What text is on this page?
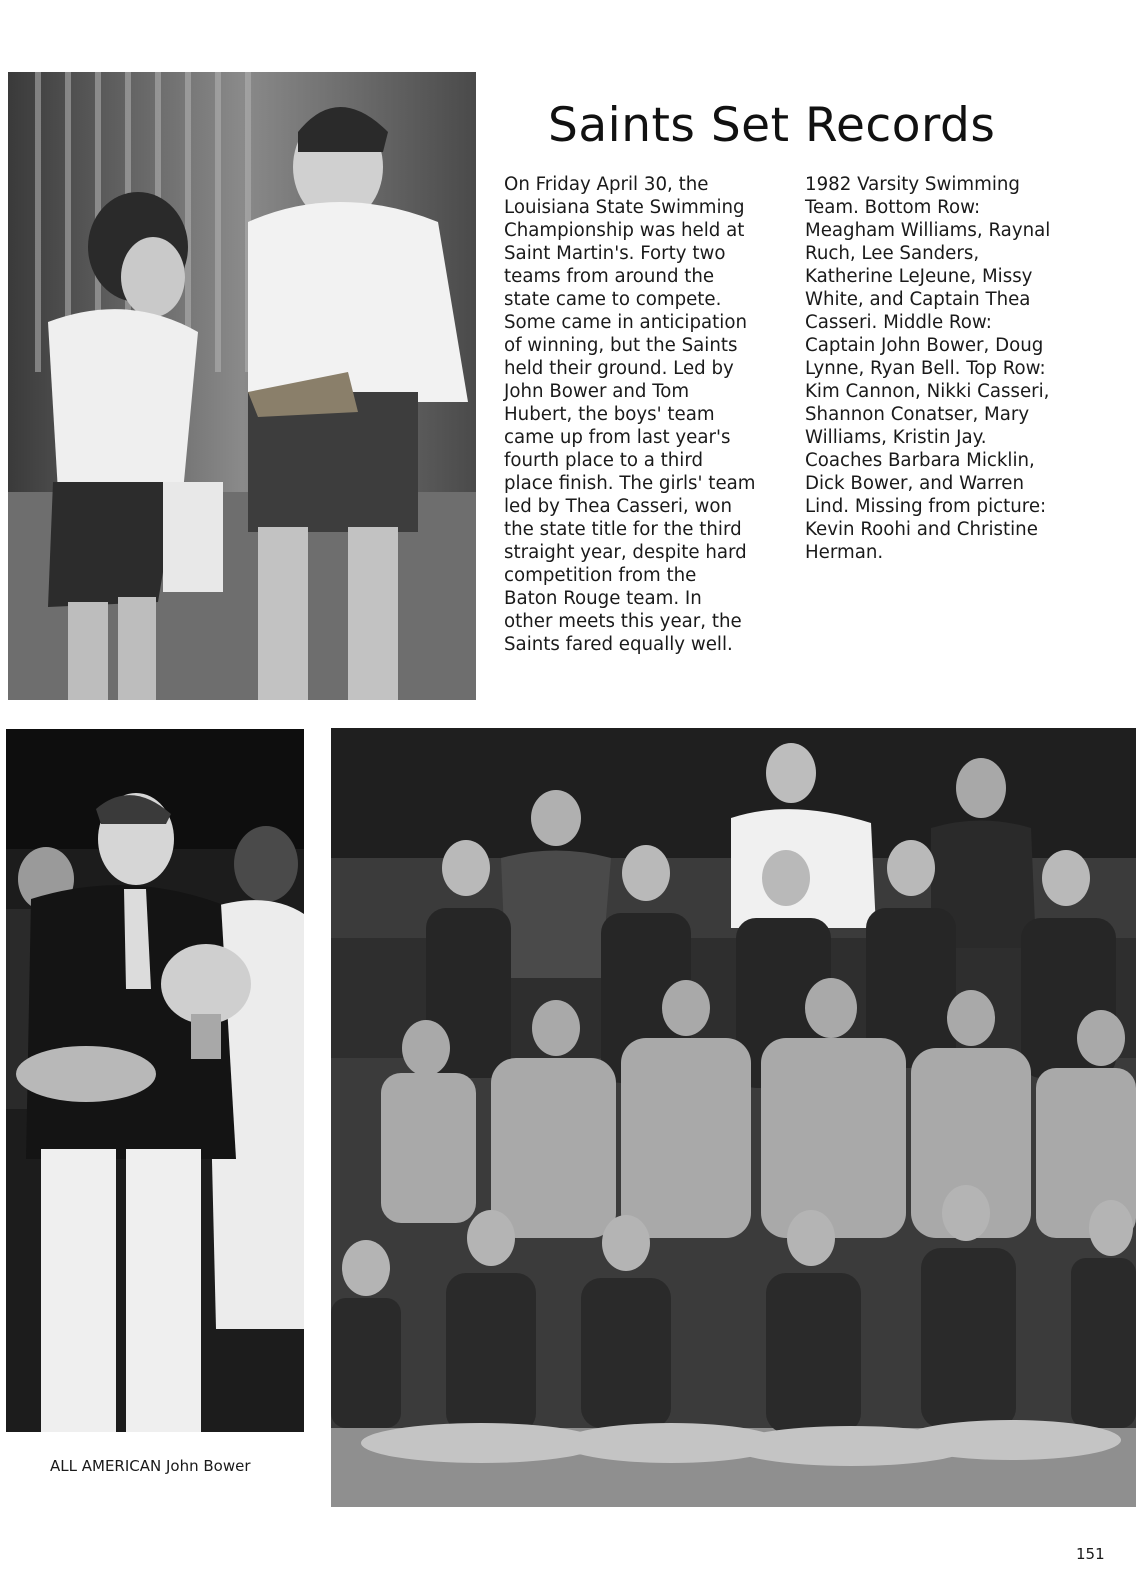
Saints Set Records
On Friday April 30, the
Louisiana State Swimming
Championship was held at
Saint Martin's. Forty two
teams from around the
state came to compete.
Some came in anticipation
of winning, but the Saints
held their ground. Led by
John Bower and Tom
Hubert, the boys' team
came up from last year's
fourth place to a third
place finish. The girls' team
led by Thea Casseri, won
the state title for the third
straight year, despite hard
competition from the
Baton Rouge team. In
other meets this year, the
Saints fared equally well.
1982 Varsity Swimming
Team. Bottom Row:
Meagham Williams, Raynal
Ruch, Lee Sanders,
Katherine LeJeune, Missy
White, and Captain Thea
Casseri. Middle Row:
Captain John Bower, Doug
Lynne, Ryan Bell. Top Row:
Kim Cannon, Nikki Casseri,
Shannon Conatser, Mary
Williams, Kristin Jay.
Coaches Barbara Micklin,
Dick Bower, and Warren
Lind. Missing from picture:
Kevin Roohi and Christine
Herman.
ALL AMERICAN John Bower
151
